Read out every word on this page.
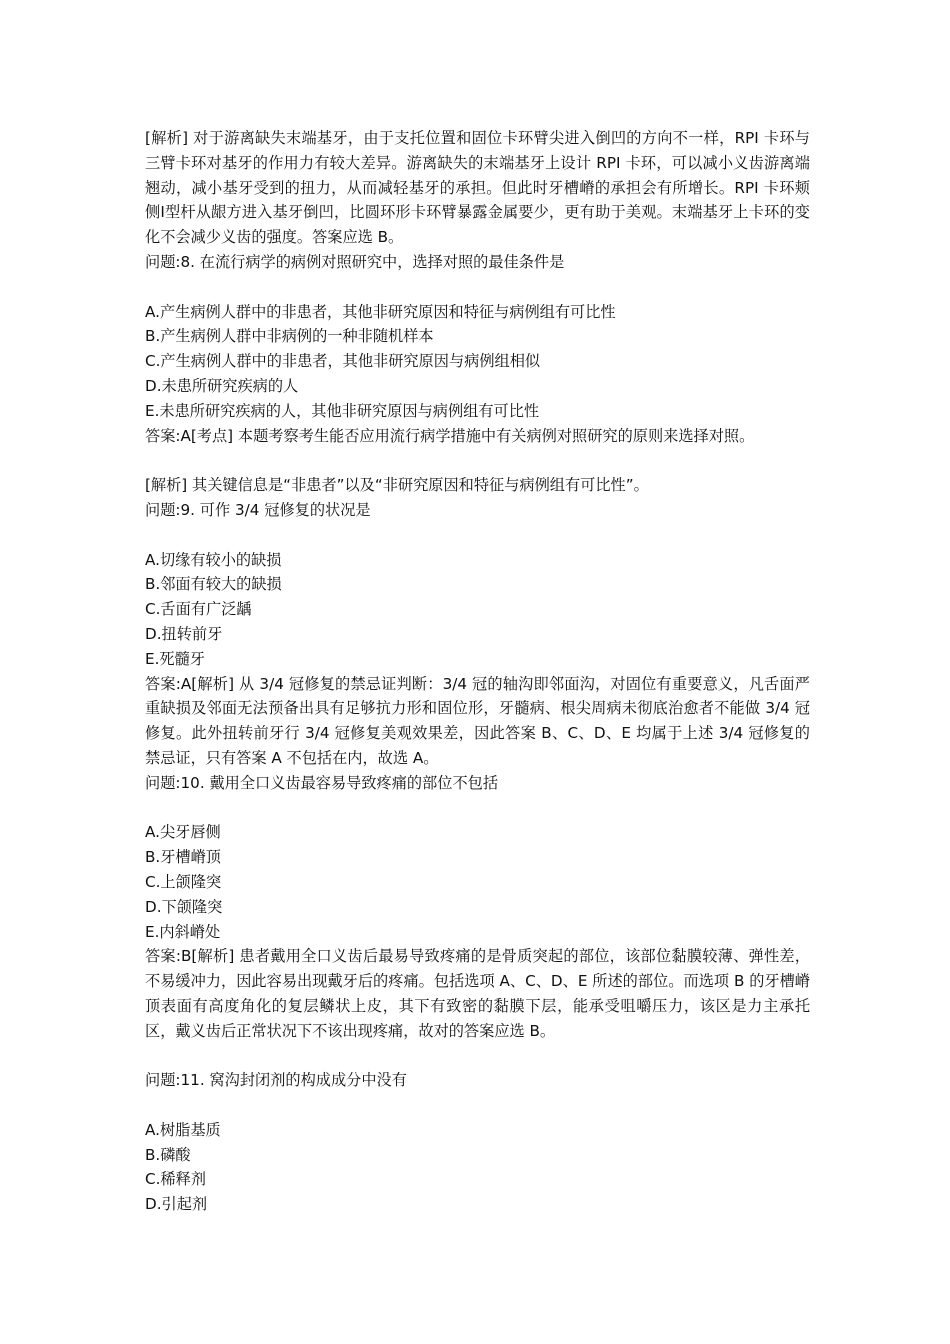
[解析] 对于游离缺失末端基牙，由于支托位置和固位卡环臂尖进入倒凹的方向不一样，RPI 卡环与三臂卡环对基牙的作用力有较大差异。游离缺失的末端基牙上设计 RPI 卡环，可以减小义齿游离端翘动，减小基牙受到的扭力，从而减轻基牙的承担。但此时牙槽嵴的承担会有所增长。RPI 卡环颊侧Ⅰ型杆从龈方进入基牙倒凹，比圆环形卡环臂暴露金属要少，更有助于美观。末端基牙上卡环的变化不会减少义齿的强度。答案应选 B。

问题:8. 在流行病学的病例对照研究中，选择对照的最佳条件是

A.产生病例人群中的非患者，其他非研究原因和特征与病例组有可比性

B.产生病例人群中非病例的一种非随机样本

C.产生病例人群中的非患者，其他非研究原因与病例组相似

D.未患所研究疾病的人

E.未患所研究疾病的人，其他非研究原因与病例组有可比性

答案:A[考点] 本题考察考生能否应用流行病学措施中有关病例对照研究的原则来选择对照。

[解析] 其关键信息是“非患者”以及“非研究原因和特征与病例组有可比性”。

问题:9. 可作 3/4 冠修复的状况是

A.切缘有较小的缺损

B.邻面有较大的缺损

C.舌面有广泛龋

D.扭转前牙

E.死髓牙

答案:A[解析] 从 3/4 冠修复的禁忌证判断：3/4 冠的轴沟即邻面沟，对固位有重要意义，凡舌面严重缺损及邻面无法预备出具有足够抗力形和固位形，牙髓病、根尖周病未彻底治愈者不能做 3/4 冠修复。此外扭转前牙行 3/4 冠修复美观效果差，因此答案 B、C、D、E 均属于上述 3/4 冠修复的禁忌证，只有答案 A 不包括在内，故选 A。

问题:10. 戴用全口义齿最容易导致疼痛的部位不包括

A.尖牙唇侧

B.牙槽嵴顶

C.上颌隆突

D.下颌隆突

E.内斜嵴处

答案:B[解析] 患者戴用全口义齿后最易导致疼痛的是骨质突起的部位，该部位黏膜较薄、弹性差，不易缓冲力，因此容易出现戴牙后的疼痛。包括选项 A、C、D、E 所述的部位。而选项 B 的牙槽嵴顶表面有高度角化的复层鳞状上皮，其下有致密的黏膜下层，能承受咀嚼压力，该区是力主承托区，戴义齿后正常状况下不该出现疼痛，故对的答案应选 B。

问题:11. 窝沟封闭剂的构成成分中没有

A.树脂基质

B.磷酸

C.稀释剂

D.引起剂
